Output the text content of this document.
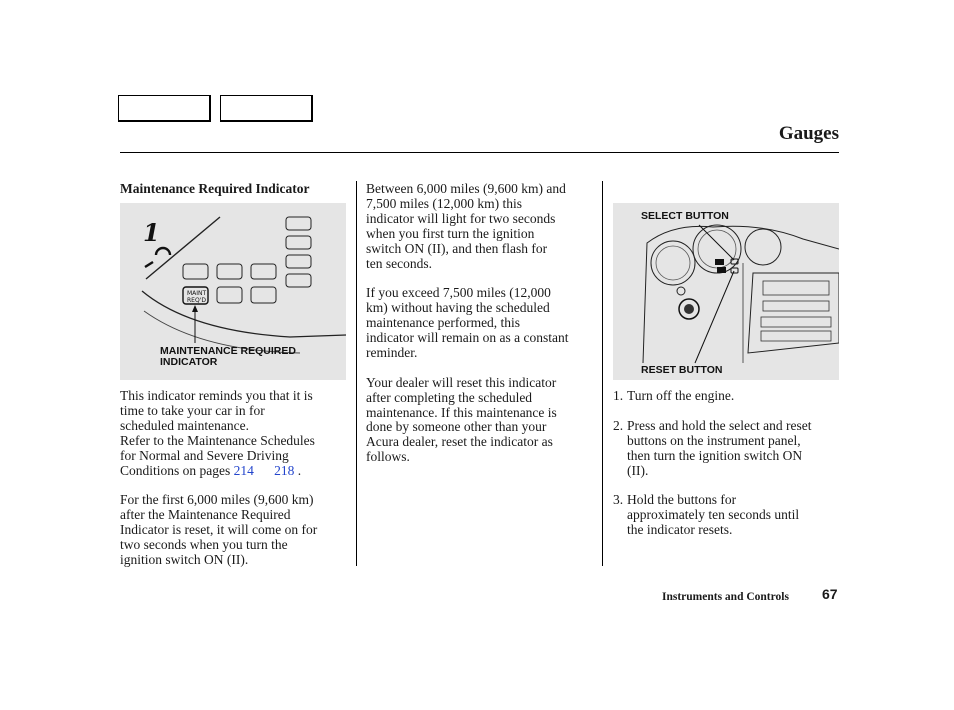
Gauges
Maintenance Required Indicator
1
MAINT
REQ'D
MAINTENANCE REQUIRED
INDICATOR

This indicator reminds you that it is
time to take your car in for
scheduled maintenance.
Refer to the Maintenance Schedules
for Normal and Severe Driving
Conditions on pages 214 218 .

For the first 6,000 miles (9,600 km)
after the Maintenance Required
Indicator is reset, it will come on for
two seconds when you turn the
ignition switch ON (II).

Between 6,000 miles (9,600 km) and
7,500 miles (12,000 km) this
indicator will light for two seconds
when you first turn the ignition
switch ON (II), and then flash for
ten seconds.

If you exceed 7,500 miles (12,000
km) without having the scheduled
maintenance performed, this
indicator will remain on as a constant
reminder.

Your dealer will reset this indicator
after completing the scheduled
maintenance. If this maintenance is
done by someone other than your
Acura dealer, reset the indicator as
follows.

SELECT BUTTON
RESET BUTTON
1. Turn off the engine.
2. Press and hold the select and reset
buttons on the instrument panel,
then turn the ignition switch ON
(II).
3. Hold the buttons for
approximately ten seconds until
the indicator resets.
Instruments and Controls 67
